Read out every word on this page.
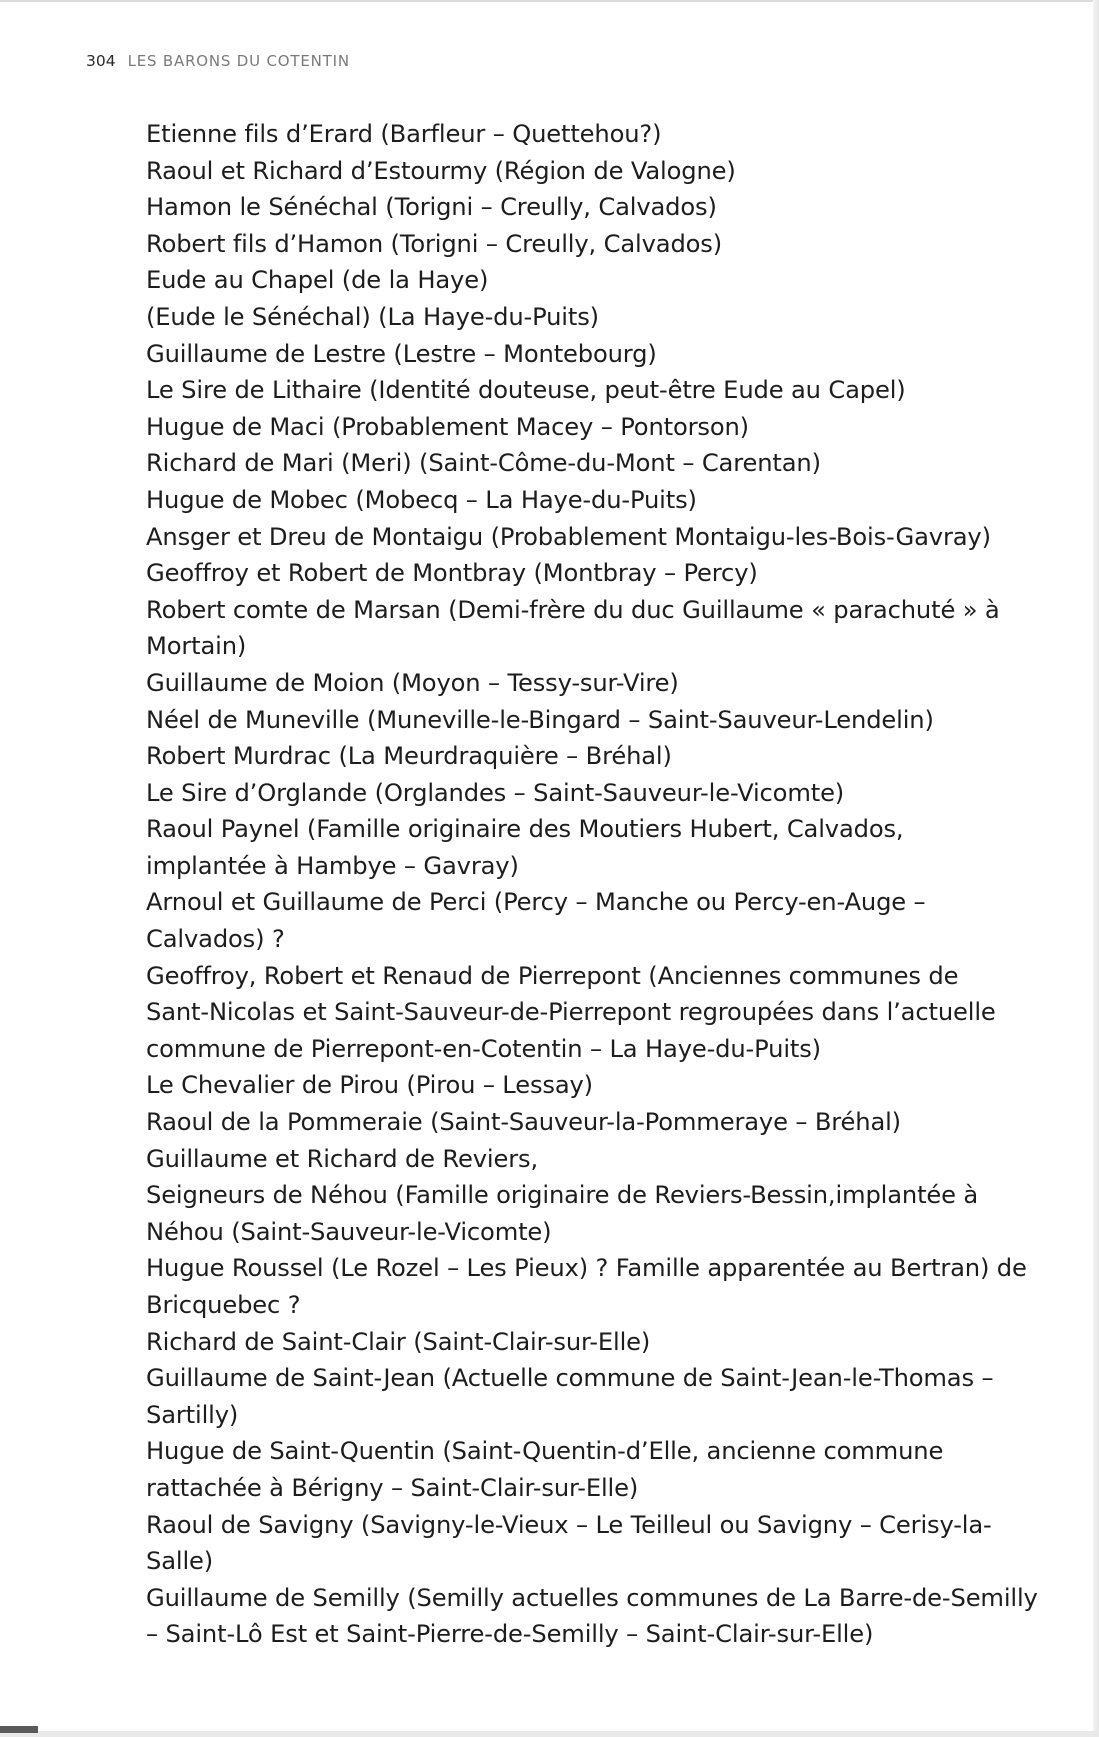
304 LES BARONS DU COTENTIN
Etienne fils d’Erard (Barfleur – Quettehou?)
Raoul et Richard d’Estourmy (Région de Valogne)
Hamon le Sénéchal (Torigni – Creully, Calvados)
Robert fils d’Hamon (Torigni – Creully, Calvados)
Eude au Chapel (de la Haye)
(Eude le Sénéchal) (La Haye-du-Puits)
Guillaume de Lestre (Lestre – Montebourg)
Le Sire de Lithaire (Identité douteuse, peut-être Eude au Capel)
Hugue de Maci (Probablement Macey – Pontorson)
Richard de Mari (Meri) (Saint-Côme-du-Mont – Carentan)
Hugue de Mobec (Mobecq – La Haye-du-Puits)
Ansger et Dreu de Montaigu (Probablement Montaigu-les-Bois-Gavray)
Geoffroy et Robert de Montbray (Montbray – Percy)
Robert comte de Marsan (Demi-frère du duc Guillaume « parachuté » à
Mortain)
Guillaume de Moion (Moyon – Tessy-sur-Vire)
Néel de Muneville (Muneville-le-Bingard – Saint-Sauveur-Lendelin)
Robert Murdrac (La Meurdraquière – Bréhal)
Le Sire d’Orglande (Orglandes – Saint-Sauveur-le-Vicomte)
Raoul Paynel (Famille originaire des Moutiers Hubert, Calvados,
implantée à Hambye – Gavray)
Arnoul et Guillaume de Perci (Percy – Manche ou Percy-en-Auge –
Calvados) ?
Geoffroy, Robert et Renaud de Pierrepont (Anciennes communes de
Sant-Nicolas et Saint-Sauveur-de-Pierrepont regroupées dans l’actuelle
commune de Pierrepont-en-Cotentin – La Haye-du-Puits)
Le Chevalier de Pirou (Pirou – Lessay)
Raoul de la Pommeraie (Saint-Sauveur-la-Pommeraye – Bréhal)
Guillaume et Richard de Reviers,
Seigneurs de Néhou (Famille originaire de Reviers-Bessin,implantée à
Néhou (Saint-Sauveur-le-Vicomte)
Hugue Roussel (Le Rozel – Les Pieux) ? Famille apparentée au Bertran) de
Bricquebec ?
Richard de Saint-Clair (Saint-Clair-sur-Elle)
Guillaume de Saint-Jean (Actuelle commune de Saint-Jean-le-Thomas –
Sartilly)
Hugue de Saint-Quentin (Saint-Quentin-d’Elle, ancienne commune
rattachée à Bérigny – Saint-Clair-sur-Elle)
Raoul de Savigny (Savigny-le-Vieux – Le Teilleul ou Savigny – Cerisy-la-
Salle)
Guillaume de Semilly (Semilly actuelles communes de La Barre-de-Semilly
– Saint-Lô Est et Saint-Pierre-de-Semilly – Saint-Clair-sur-Elle)
